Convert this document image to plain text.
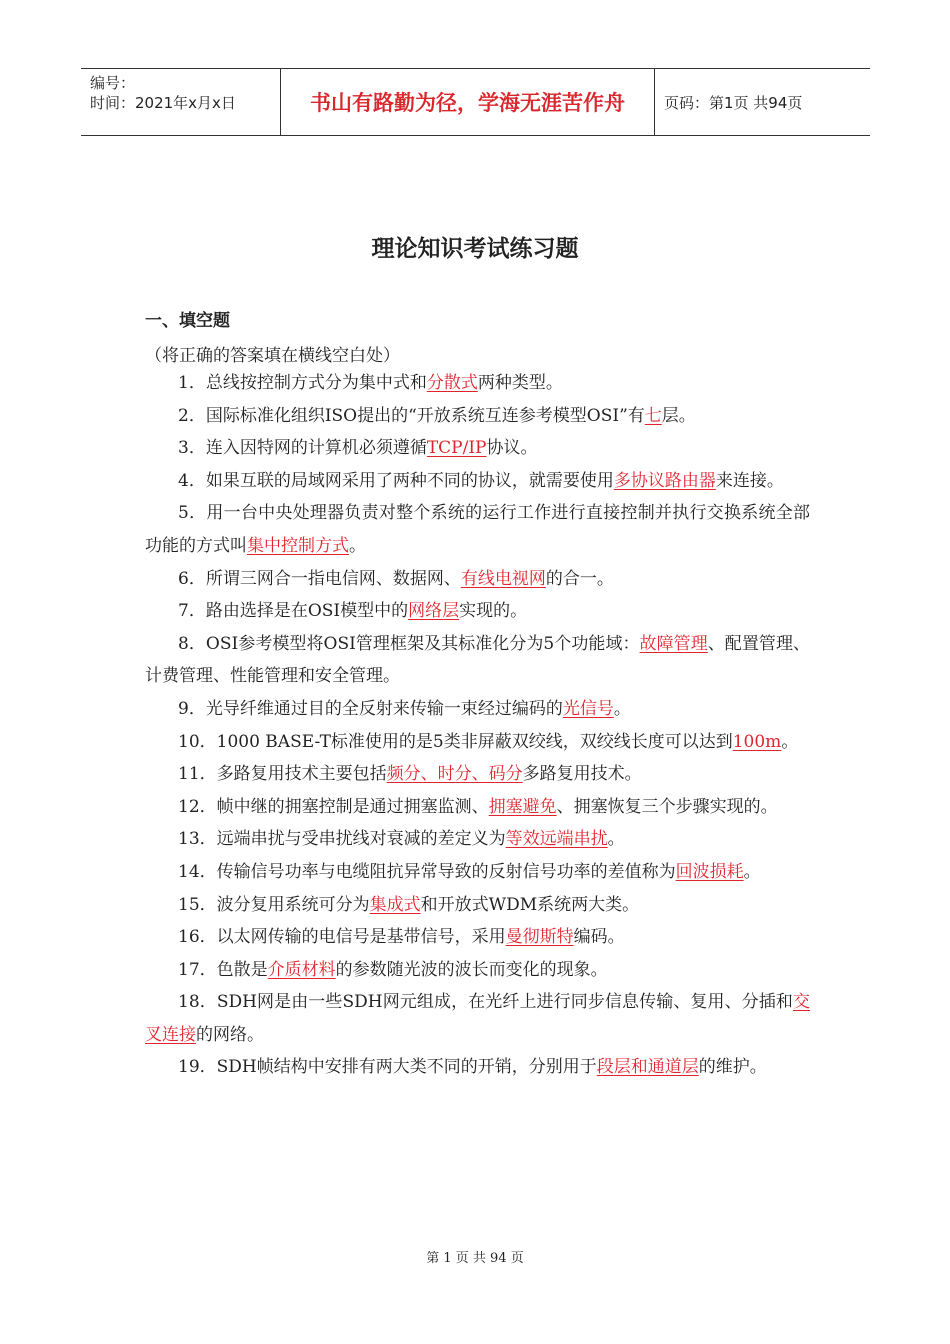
编号：
时间：2021年x月x日	书山有路勤为径，学海无涯苦作舟	页码：第1页 共94页
理论知识考试练习题
一、填空题
（将正确的答案填在横线空白处）

1．总线按控制方式分为集中式和分散式两种类型。

2．国际标准化组织ISO提出的“开放系统互连参考模型OSI”有七层。

3．连入因特网的计算机必须遵循TCP/IP协议。

4．如果互联的局域网采用了两种不同的协议，就需要使用多协议路由器来连接。

5．用一台中央处理器负责对整个系统的运行工作进行直接控制并执行交换系统全部功能的方式叫集中控制方式。

6．所谓三网合一指电信网、数据网、有线电视网的合一。

7．路由选择是在OSI模型中的网络层实现的。

8．OSI参考模型将OSI管理框架及其标准化分为5个功能域：故障管理、配置管理、计费管理、性能管理和安全管理。

9．光导纤维通过目的全反射来传输一束经过编码的光信号。

10．1000 BASE-T标准使用的是5类非屏蔽双绞线，双绞线长度可以达到100m。

11．多路复用技术主要包括频分、时分、码分多路复用技术。

12．帧中继的拥塞控制是通过拥塞监测、拥塞避免、拥塞恢复三个步骤实现的。

13．远端串扰与受串扰线对衰减的差定义为等效远端串扰。

14．传输信号功率与电缆阻抗异常导致的反射信号功率的差值称为回波损耗。

15．波分复用系统可分为集成式和开放式WDM系统两大类。

16．以太网传输的电信号是基带信号，采用曼彻斯特编码。

17．色散是介质材料的参数随光波的波长而变化的现象。

18．SDH网是由一些SDH网元组成，在光纤上进行同步信息传输、复用、分插和交叉连接的网络。

19．SDH帧结构中安排有两大类不同的开销，分别用于段层和通道层的维护。

第 1 页 共 94 页
